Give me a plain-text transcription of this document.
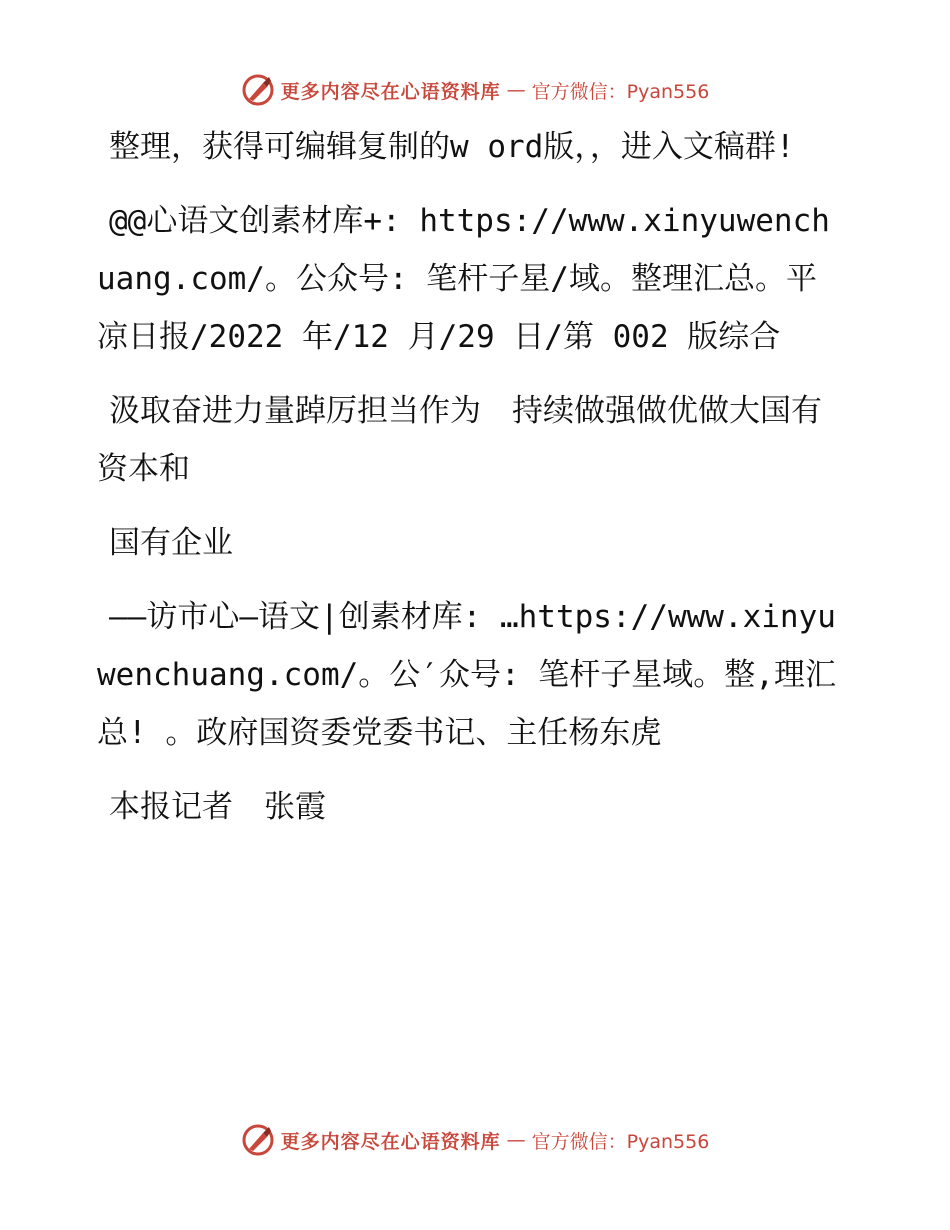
更多内容尽在心语资料库 — 官方微信：Pyan556

整理，获得可编辑复制的w ord版，，进入文稿群!

@@心语文创素材库+: https://www.xinyuwenchuang.com/。公众号: 笔杆子星/域。整理汇总。平凉日报/2022 年/12 月/29 日/第 002 版综合

汲取奋进力量踔厉担当作为　持续做强做优做大国有资本和

国有企业

——访市心—语文|创素材库: …https://www.xinyuwenchuang.com/。公′众号: 笔杆子星域。整,理汇总! 。政府国资委党委书记、主任杨东虎

本报记者　张霞

更多内容尽在心语资料库 — 官方微信：Pyan556
